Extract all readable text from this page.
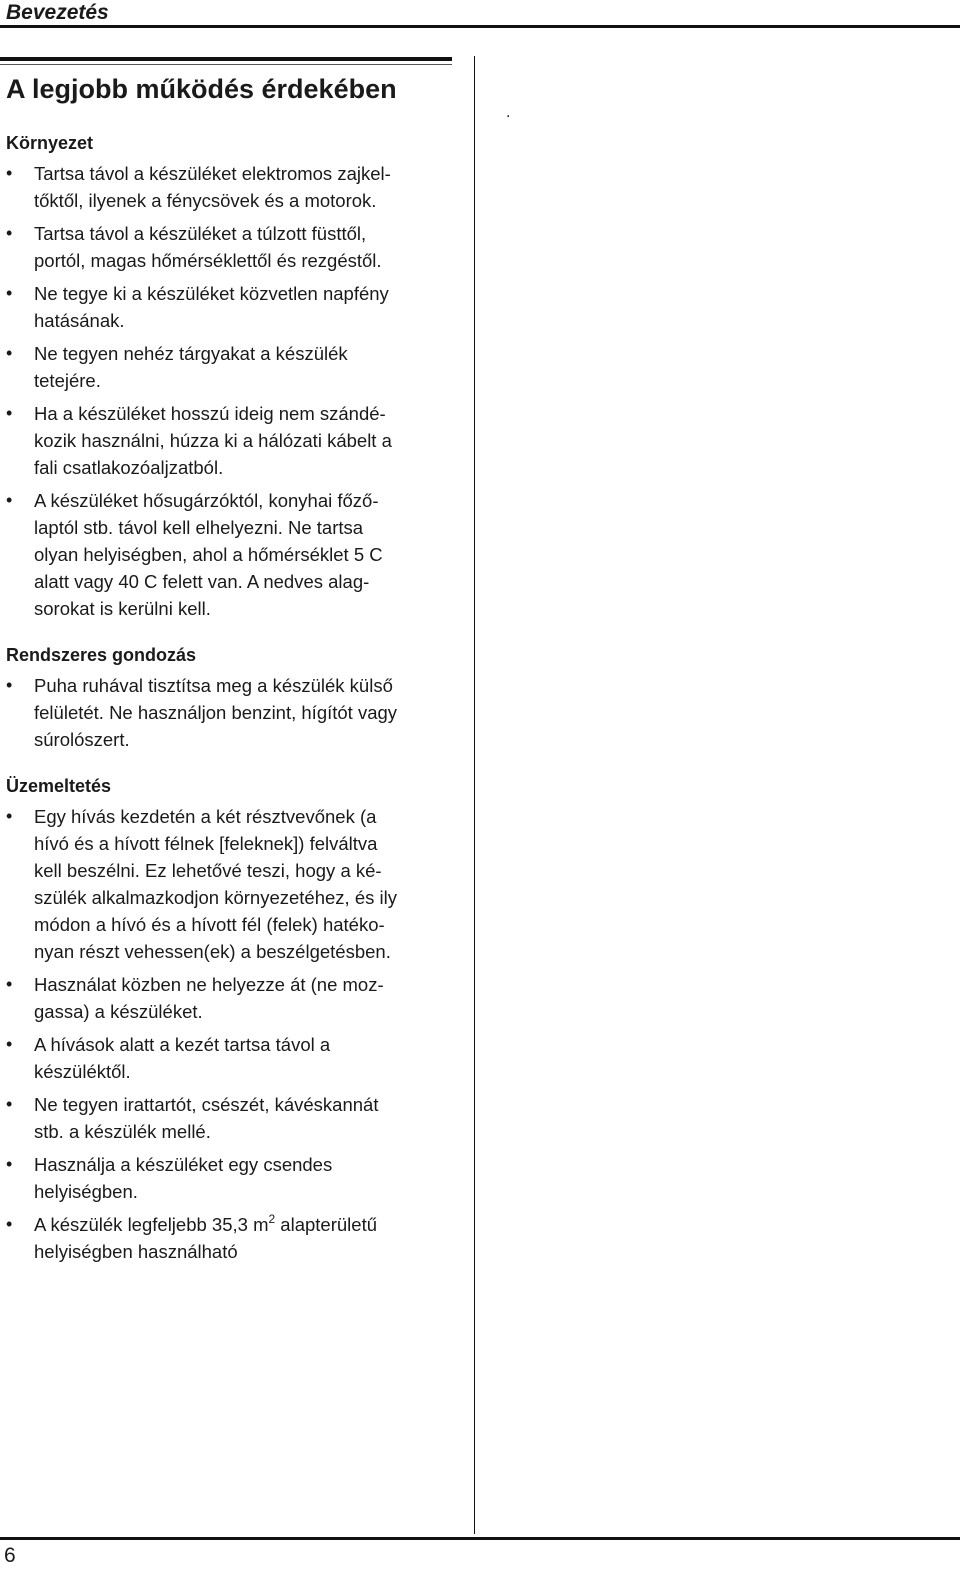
Bevezetés
.
A legjobb működés érdekében
Környezet
• Tartsa távol a készüléket elektromos zajkel-
tőktől, ilyenek a fénycsövek és a motorok.
• Tartsa távol a készüléket a túlzott füsttől,
portól, magas hőmérséklettől és rezgéstől.
• Ne tegye ki a készüléket közvetlen napfény
hatásának.
• Ne tegyen nehéz tárgyakat a készülék
tetejére.
• Ha a készüléket hosszú ideig nem szándé-
kozik használni, húzza ki a hálózati kábelt a
fali csatlakozóaljzatból.
• A készüléket hősugárzóktól, konyhai főző-
laptól stb. távol kell elhelyezni. Ne tartsa
olyan helyiségben, ahol a hőmérséklet 5 C
alatt vagy 40 C felett van. A nedves alag-
sorokat is kerülni kell.
Rendszeres gondozás
• Puha ruhával tisztítsa meg a készülék külső
felületét. Ne használjon benzint, hígítót vagy
súrolószert.
Üzemeltetés
• Egy hívás kezdetén a két résztvevőnek (a
hívó és a hívott félnek [feleknek]) felváltva
kell beszélni. Ez lehetővé teszi, hogy a ké-
szülék alkalmazkodjon környezetéhez, és ily
módon a hívó és a hívott fél (felek) hatéko-
nyan részt vehessen(ek) a beszélgetésben.
• Használat közben ne helyezze át (ne moz-
gassa) a készüléket.
• A hívások alatt a kezét tartsa távol a
készüléktől.
• Ne tegyen irattartót, csészét, kávéskannát
stb. a készülék mellé.
• Használja a készüléket egy csendes
helyiségben.
• A készülék legfeljebb 35,3 $m^2$ alapterületű
helyiségben használható
6
